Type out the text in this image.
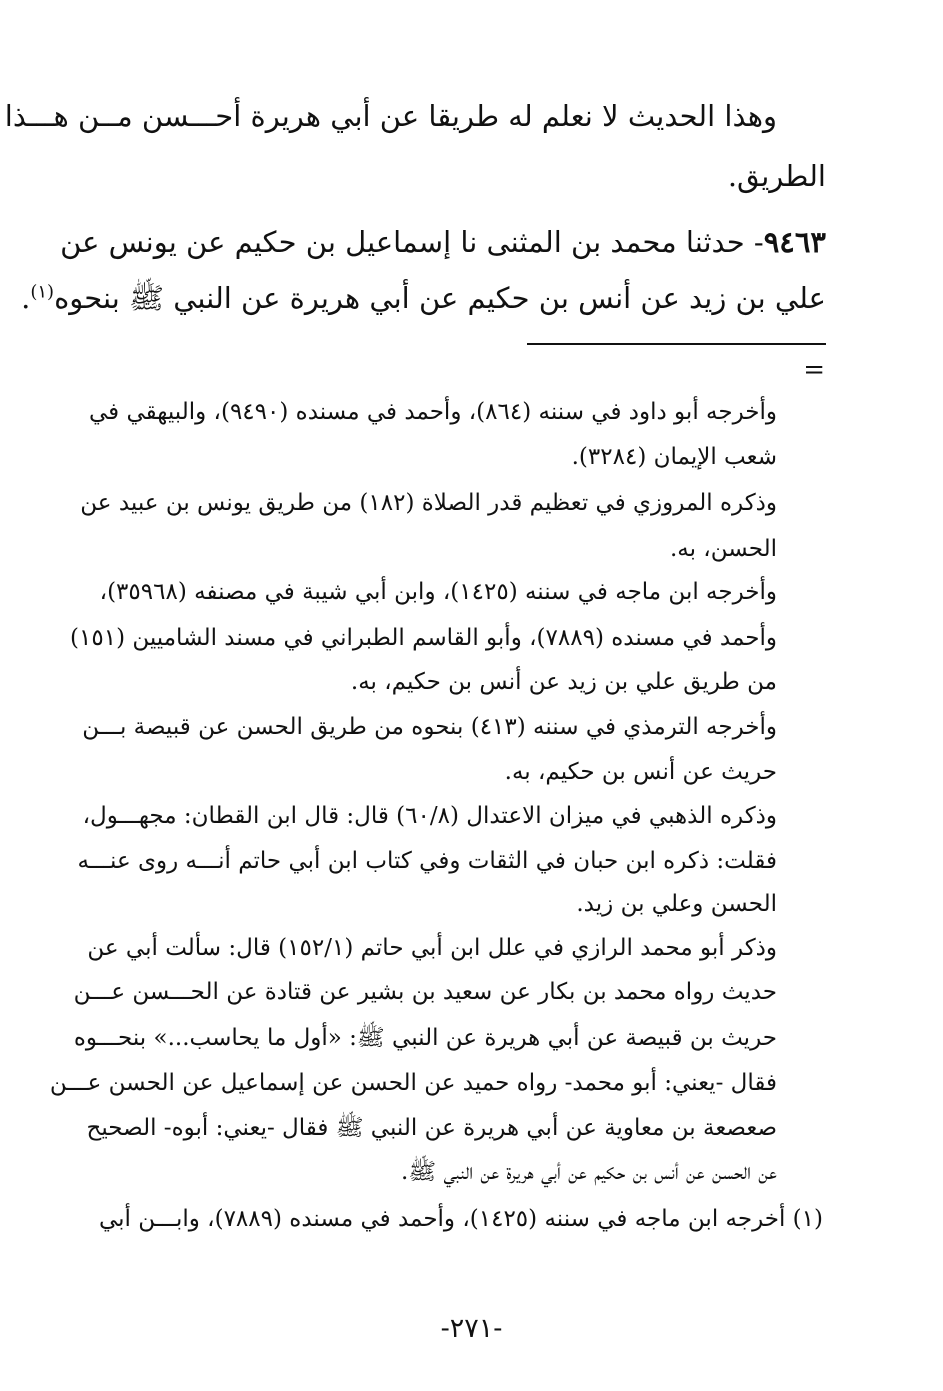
وهذا الحديث لا نعلم له طريقا عن أبي هريرة أحـــسن مــن هـــذا
الطريق.
٩٤٦٣- حدثنا محمد بن المثنى نا إسماعيل بن حكيم عن يونس عن
علي بن زيد عن أنس بن حكيم عن أبي هريرة عن النبي ﷺ بنحوه$^{(١)}$.
=
وأخرجه أبو داود في سننه (٨٦٤)، وأحمد في مسنده (٩٤٩٠)، والبيهقي في
شعب الإيمان (٣٢٨٤).
وذكره المروزي في تعظيم قدر الصلاة (١٨٢) من طريق يونس بن عبيد عن
الحسن، به.
وأخرجه ابن ماجه في سننه (١٤٢٥)، وابن أبي شيبة في مصنفه (٣٥٩٦٨)،
وأحمد في مسنده (٧٨٨٩)، وأبو القاسم الطبراني في مسند الشاميين (١٥١)
من طريق علي بن زيد عن أنس بن حكيم، به.
وأخرجه الترمذي في سننه (٤١٣) بنحوه من طريق الحسن عن قبيصة بـــن
حريث عن أنس بن حكيم، به.
وذكره الذهبي في ميزان الاعتدال (٦٠/٨) قال: قال ابن القطان: مجهـــول،
فقلت: ذكره ابن حبان في الثقات وفي كتاب ابن أبي حاتم أنـــه روى عنـــه
الحسن وعلي بن زيد.
وذكر أبو محمد الرازي في علل ابن أبي حاتم (١٥٢/١) قال: سألت أبي عن
حديث رواه محمد بن بكار عن سعيد بن بشير عن قتادة عن الحـــسن عـــن
حريث بن قبيصة عن أبي هريرة عن النبي ﷺ: «أول ما يحاسب...» بنحـــوه
فقال -يعني: أبو محمد- رواه حميد عن الحسن عن إسماعيل عن الحسن عـــن
صعصعة بن معاوية عن أبي هريرة عن النبي ﷺ فقال -يعني: أبوه- الصحيح
عن الحسن عن أنس بن حكيم عن أبي هريرة عن النبي ﷺ.
(١) أخرجه ابن ماجه في سننه (١٤٢٥)، وأحمد في مسنده (٧٨٨٩)، وابـــن أبي
-٢٧١-
